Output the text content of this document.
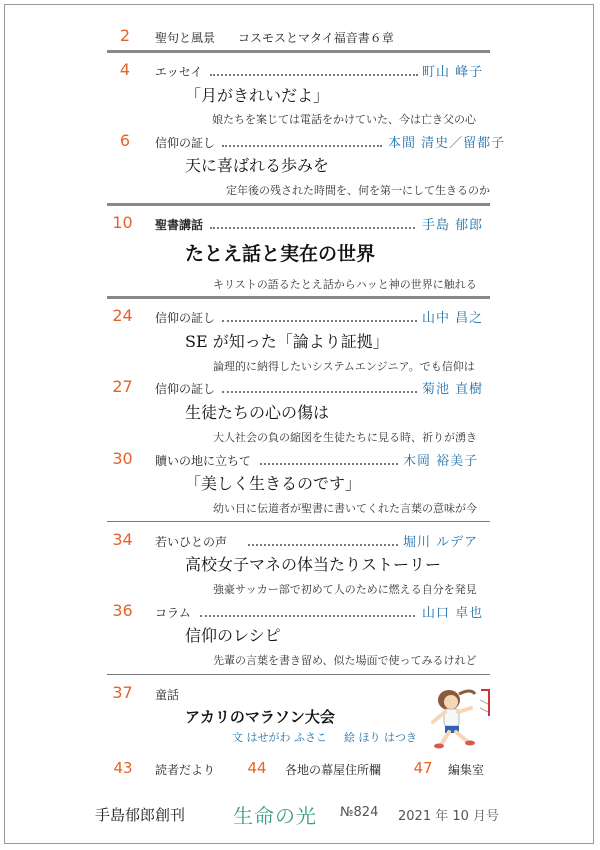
2	聖句と風景 コスモスとマタイ福音書６章
4	エッセイ	町山 峰子
「月がきれいだよ」
娘たちを案じては電話をかけていた、今は亡き父の心
6	信仰の証し	本間 清史／留都子
天に喜ばれる歩みを
定年後の残された時間を、何を第一にして生きるのか
10	聖書講話	手島 郁郎
たとえ話と実在の世界
キリストの語るたとえ話からハッと神の世界に触れる
24	信仰の証し	山中 昌之
SE が知った「論より証拠」
論理的に納得したいシステムエンジニア。でも信仰は
27	信仰の証し	菊池 直樹
生徒たちの心の傷は
大人社会の負の縮図を生徒たちに見る時、祈りが湧き
30	贖いの地に立ちて	木岡 裕美子
「美しく生きるのです」
幼い日に伝道者が聖書に書いてくれた言葉の意味が今
34	若いひとの声	堀川 ルデア
高校女子マネの体当たりストーリー
強豪サッカー部で初めて人のために燃える自分を発見
36	コラム	山口 卓也
信仰のレシピ
先輩の言葉を書き留め、似た場面で使ってみるけれど
37	童話
アカリのマラソン大会
文 はせがわ ふさこ 絵 ほり はつき
43	読者だより	44	各地の幕屋住所欄	47	編集室
手島郁郎創刊 生命の光 №824 2021 年 10 月号
